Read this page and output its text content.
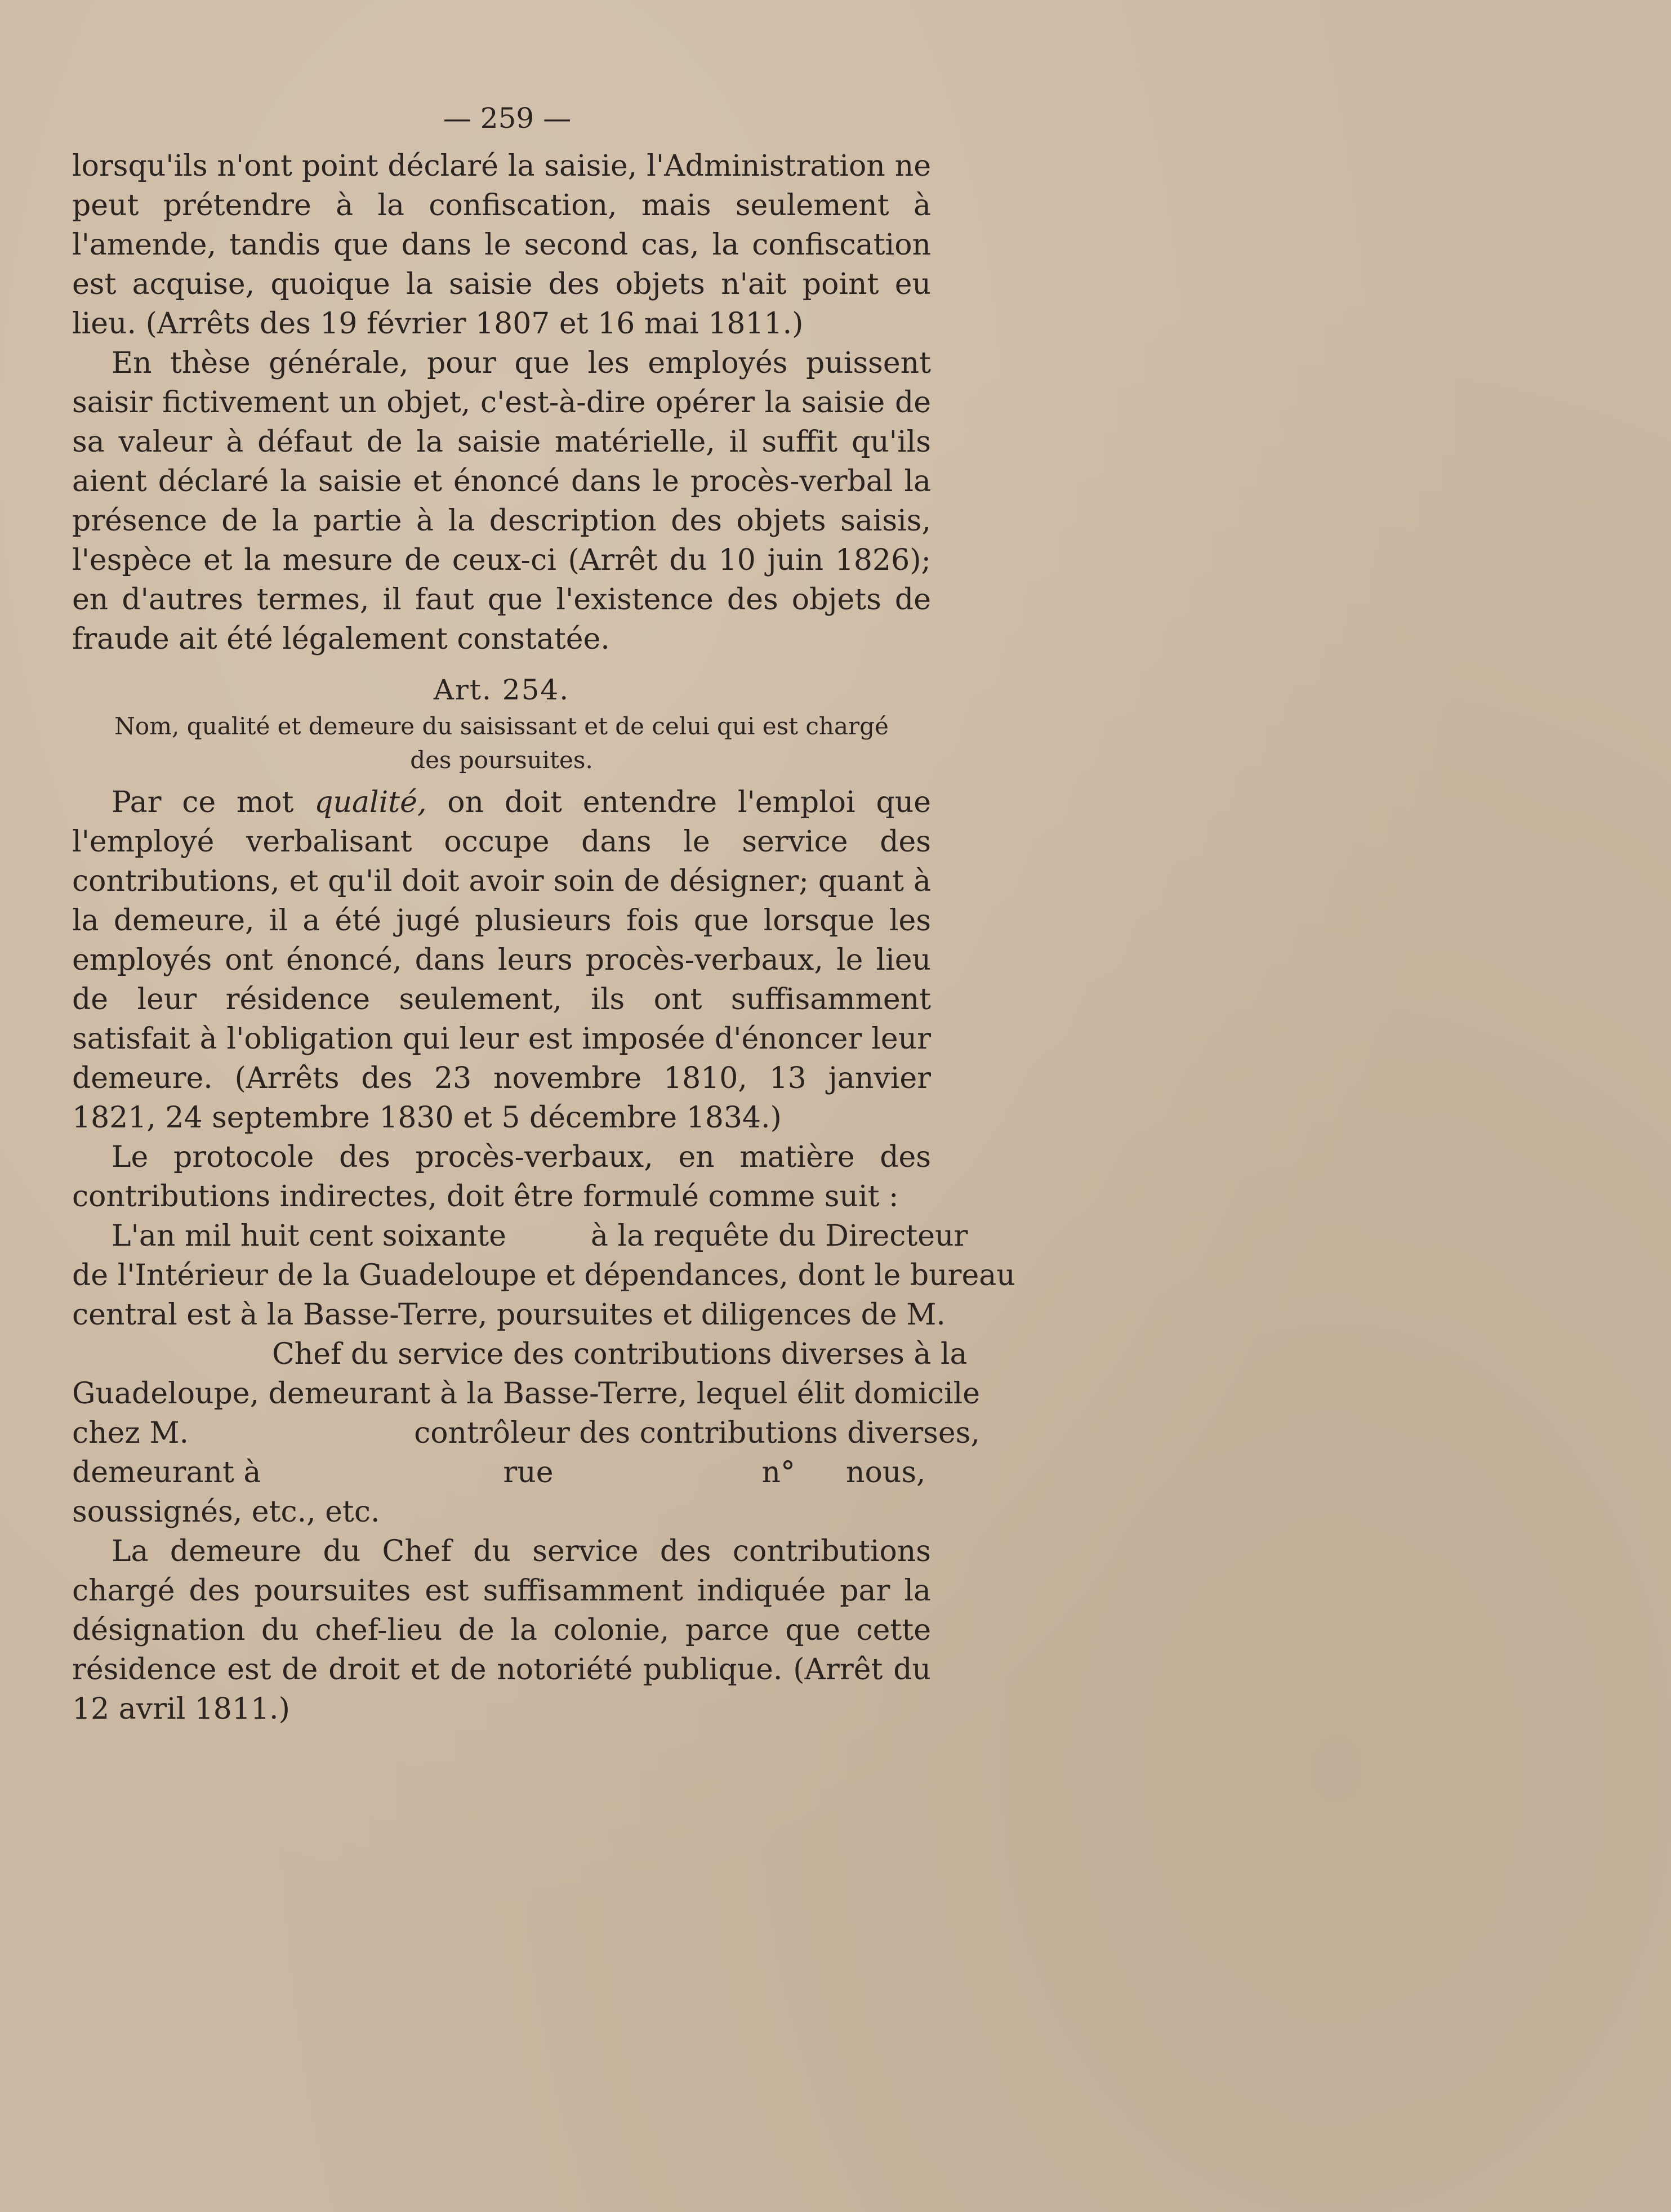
— 259 —

lorsqu'ils n'ont point déclaré la saisie, l'Administration ne peut prétendre à la confiscation, mais seulement à l'amende, tandis que dans le second cas, la confiscation est acquise, quoique la saisie des objets n'ait point eu lieu. (Arrêts des 19 février 1807 et 16 mai 1811.)

En thèse générale, pour que les employés puissent saisir fictivement un objet, c'est-à-dire opérer la saisie de sa valeur à défaut de la saisie matérielle, il suffit qu'ils aient déclaré la saisie et énoncé dans le procès-verbal la présence de la partie à la description des objets saisis, l'espèce et la mesure de ceux-ci (Arrêt du 10 juin 1826); en d'autres termes, il faut que l'existence des objets de fraude ait été légalement constatée.

Art. 254.
Nom, qualité et demeure du saisissant et de celui qui est chargé des poursuites.

Par ce mot qualité, on doit entendre l'emploi que l'employé verbalisant occupe dans le service des contributions, et qu'il doit avoir soin de désigner; quant à la demeure, il a été jugé plusieurs fois que lorsque les employés ont énoncé, dans leurs procès-verbaux, le lieu de leur résidence seulement, ils ont suffisamment satisfait à l'obligation qui leur est imposée d'énoncer leur demeure. (Arrêts des 23 novembre 1810, 13 janvier 1821, 24 septembre 1830 et 5 décembre 1834.)

Le protocole des procès-verbaux, en matière des contributions indirectes, doit être formulé comme suit :

L'an mil huit cent soixante	à la requête du Directeur

de l'Intérieur de la Guadeloupe et dépendances, dont le bureau

central est à la Basse-Terre, poursuites et diligences de M.

Chef du service des contributions diverses à la

Guadeloupe, demeurant à la Basse-Terre, lequel élit domicile

chez M.	contrôleur des contributions diverses,

demeurant à	rue	n° nous,

soussignés, etc., etc.

La demeure du Chef du service des contributions chargé des poursuites est suffisamment indiquée par la désignation du chef-lieu de la colonie, parce que cette résidence est de droit et de notoriété publique. (Arrêt du 12 avril 1811.)
